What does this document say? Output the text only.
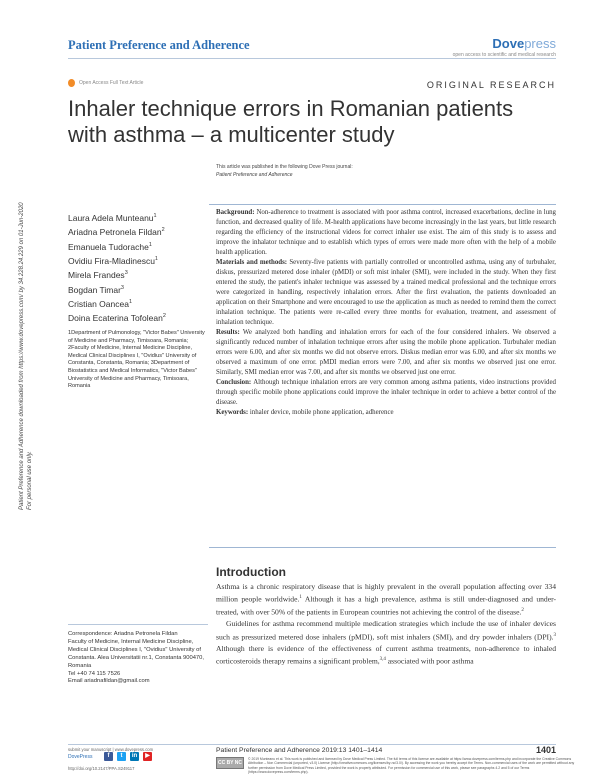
Patient Preference and Adherence	Dovepress
open access to scientific and medical research
Open Access Full Text Article	ORIGINAL RESEARCH
Inhaler technique errors in Romanian patients with asthma – a multicenter study
This article was published in the following Dove Press journal:
Patient Preference and Adherence
Patient Preference and Adherence downloaded from https://www.dovepress.com/ by 34.228.24.229 on 01-Jun-2020 For personal use only.
Laura Adela Munteanu$^1$
Ariadna Petronela Fildan$^2$
Emanuela Tudorache$^1$
Ovidiu Fira-Mladinescu$^1$
Mirela Frandes$^3$
Bogdan Timar$^3$
Cristian Oancea$^1$
Doina Ecaterina Tofolean$^2$
1Department of Pulmonology, "Victor Babes" University of Medicine and Pharmacy, Timisoara, Romania; 2Faculty of Medicine, Internal Medicine Discipline, Medical Clinical Disciplines I, "Ovidius" University of Constanta, Constanta, Romania; 3Department of Biostatistics and Medical Informatics, "Victor Babes" University of Medicine and Pharmacy, Timisoara, Romania

Background: Non-adherence to treatment is associated with poor asthma control, increased exacerbations, decline in lung function, and decreased quality of life. M-health applications have become increasingly in the last years, but little research regarding the efficiency of the instructional videos for correct inhaler use exist. The aim of this study is to assess and improve the inhalator technique and to establish which types of errors were made more often with the help of a mobile health application.

Materials and methods: Seventy-five patients with partially controlled or uncontrolled asthma, using any of turbuhaler, diskus, pressurized metered dose inhaler (pMDI) or soft mist inhaler (SMI), were included in the study. When they first entered the study, the patient's inhaler technique was assessed by a trained medical professional and the technique errors were categorized in handling, respectively inhalation errors. After the first evaluation, the patients downloaded an application on their Smartphone and were encouraged to use the application as much as needed to remind them the correct inhalation technique. The patients were re-called every three months for evaluation, treatment, and assessment of inhalation technique.

Results: We analyzed both handling and inhalation errors for each of the four considered inhalers. We observed a significantly reduced number of inhalation technique errors after using the mobile phone application. Turbuhaler median errors were 6.00, and after six months we did not observe errors. Diskus median error was 6.00, and after six months we observed a maximum of one error. pMDI median errors were 7.00, and after six months we observed just one error. Similarly, SMI median error was 7.00, and after six months we observed just one error.

Conclusion: Although technique inhalation errors are very common among asthma patients, video instructions provided through specific mobile phone applications could improve the inhaler technique in order to achieve a better control of the disease.

Keywords: inhaler device, mobile phone application, adherence

Introduction

Asthma is a chronic respiratory disease that is highly prevalent in the overall population affecting over 334 million people worldwide.$^1$ Although it has a high prevalence, asthma is still under-diagnosed and under-treated, with over 50% of the patients in European countries not achieving the control of the disease.$^2$

Guidelines for asthma recommend multiple medication strategies which include the use of inhaler devices such as pressurized metered dose inhalers (pMDI), soft mist inhalers (SMI), and dry powder inhalers (DPI).$^3$ Although there is evidence of the effectiveness of current asthma treatments, non-adherence to inhaled corticosteroids therapy remains a significant problem,$^{3,4}$ associated with poor asthma

Correspondence: Ariadna Petronela Fildan
Faculty of Medicine, Internal Medicine Discipline, Medical Clinical Disciplines I, "Ovidius" University of Constanta. Alea Universitatii nr.1, Constanta 900470, Romania
Tel +40 74 115 7526
Email ariadnafildan@gmail.com
submit your manuscript | www.dovepress.com
DovePress	f	t	in	▶
http://doi.org/10.2147/PPA.S249117
Patient Preference and Adherence 2019:13 1401–1414	1401
CC BY NC
© 2019 Munteanu et al. This work is published and licensed by Dove Medical Press Limited. The full terms of this license are available at https://www.dovepress.com/terms.php and incorporate the Creative Commons Attribution – Non Commercial (unported, v3.0) License (http://creativecommons.org/licenses/by-nc/3.0/). By accessing the work you hereby accept the Terms. Non-commercial uses of the work are permitted without any further permission from Dove Medical Press Limited, provided the work is properly attributed. For permission for commercial use of this work, please see paragraphs 4.2 and 5 of our Terms (https://www.dovepress.com/terms.php).
